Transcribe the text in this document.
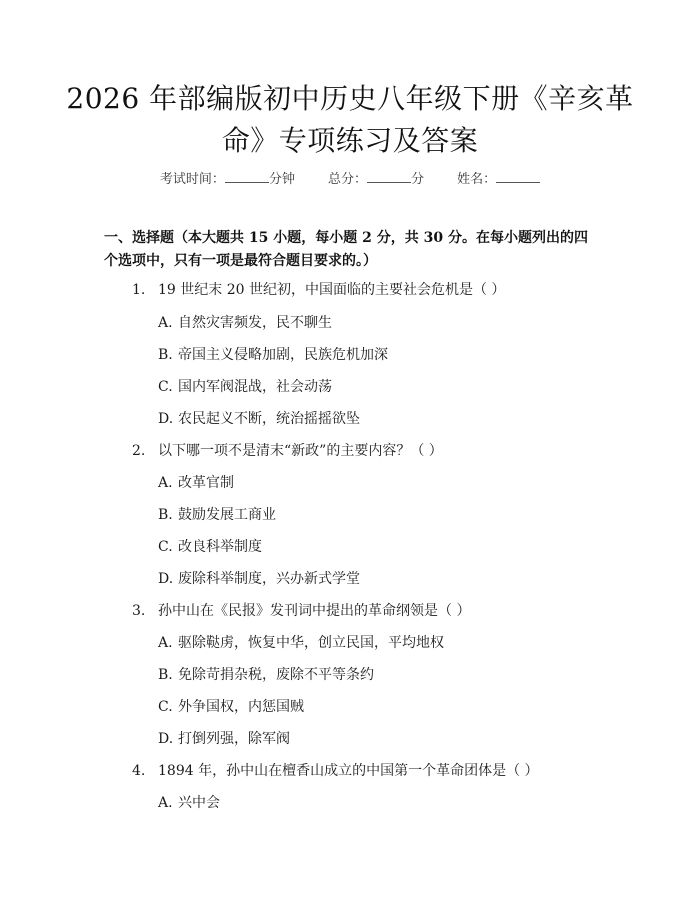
2026 年部编版初中历史八年级下册《辛亥革
命》专项练习及答案
考试时间：	分钟	总分：	分	姓名：
一、选择题（本大题共 15 小题，每小题 2 分，共 30 分。在每小题列出的四个选项中，只有一项是最符合题目要求的。）
1. 19 世纪末 20 世纪初，中国面临的主要社会危机是（ ）
A. 自然灾害频发，民不聊生
B. 帝国主义侵略加剧，民族危机加深
C. 国内军阀混战，社会动荡
D. 农民起义不断，统治摇摇欲坠
2. 以下哪一项不是清末“新政”的主要内容？（ ）
A. 改革官制
B. 鼓励发展工商业
C. 改良科举制度
D. 废除科举制度，兴办新式学堂
3. 孙中山在《民报》发刊词中提出的革命纲领是（ ）
A. 驱除鞑虏，恢复中华，创立民国，平均地权
B. 免除苛捐杂税，废除不平等条约
C. 外争国权，内惩国贼
D. 打倒列强，除军阀
4. 1894 年，孙中山在檀香山成立的中国第一个革命团体是（ ）
A. 兴中会
